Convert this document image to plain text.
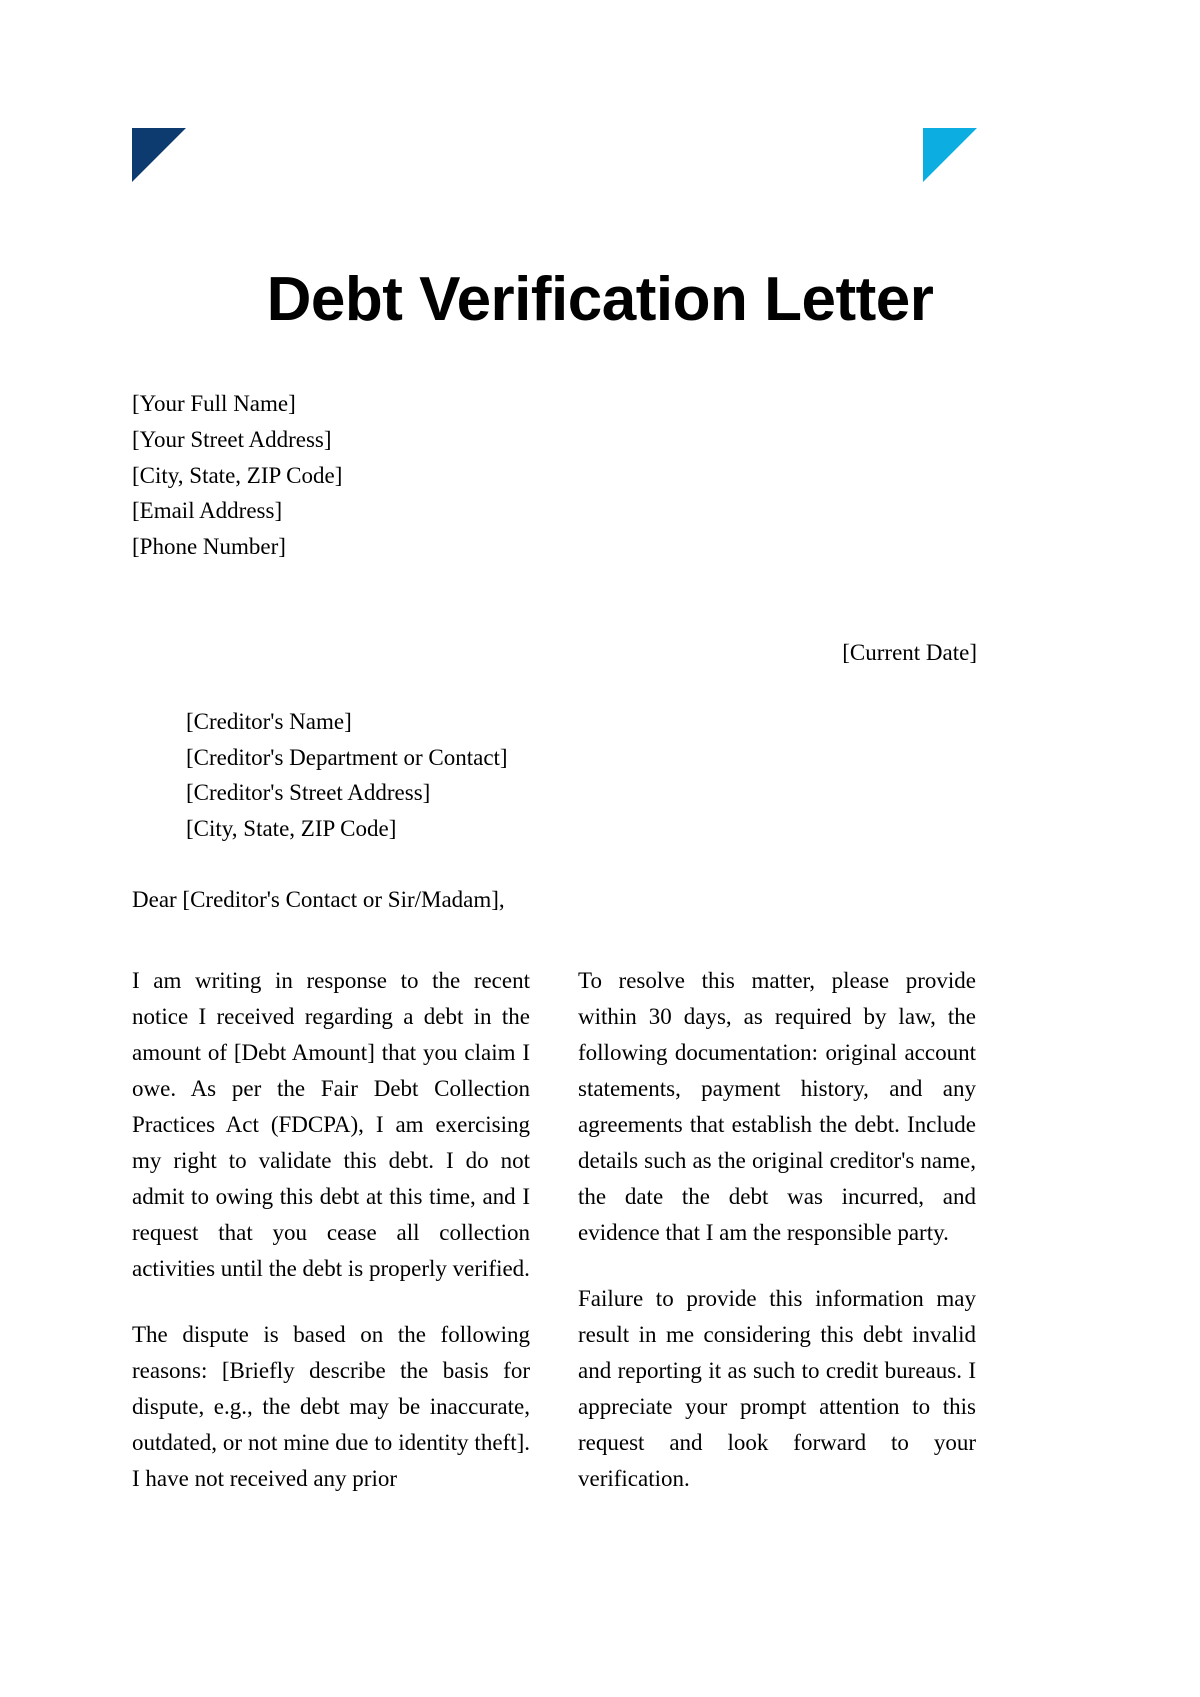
Debt Verification Letter
[Your Full Name]
[Your Street Address]
[City, State, ZIP Code]
[Email Address]
[Phone Number]
[Current Date]
[Creditor's Name]
[Creditor's Department or Contact]
[Creditor's Street Address]
[City, State, ZIP Code]
Dear [Creditor's Contact or Sir/Madam],

I am writing in response to the recent notice I received regarding a debt in the amount of [Debt Amount] that you claim I owe. As per the Fair Debt Collection Practices Act (FDCPA), I am exercising my right to validate this debt. I do not admit to owing this debt at this time, and I request that you cease all collection activities until the debt is properly verified.

The dispute is based on the following reasons: [Briefly describe the basis for dispute, e.g., the debt may be inaccurate, outdated, or not mine due to identity theft]. I have not received any prior

To resolve this matter, please provide within 30 days, as required by law, the following documentation: original account statements, payment history, and any agreements that establish the debt. Include details such as the original creditor's name, the date the debt was incurred, and evidence that I am the responsible party.

Failure to provide this information may result in me considering this debt invalid and reporting it as such to credit bureaus. I appreciate your prompt attention to this request and look forward to your verification.
